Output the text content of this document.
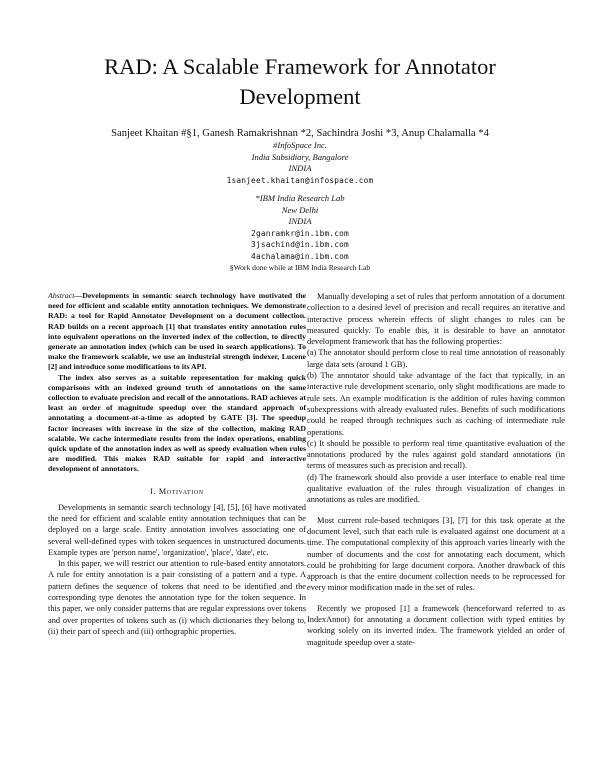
RAD: A Scalable Framework for Annotator Development
Sanjeet Khaitan #§1, Ganesh Ramakrishnan *2, Sachindra Joshi *3, Anup Chalamalla *4
#InfoSpace Inc.
India Subsidiary, Bangalore
INDIA
1sanjeet.khaitan@infospace.com
*IBM India Research Lab
New Delhi
INDIA
2ganramkr@in.ibm.com
3jsachind@in.ibm.com
4achalama@in.ibm.com
§Work done while at IBM India Research Lab

Abstract—Developments in semantic search technology have motivated the need for efficient and scalable entity annotation techniques. We demonstrate RAD: a tool for Rapid Annotator Development on a document collection. RAD builds on a recent approach [1] that translates entity annotation rules into equivalent operations on the inverted index of the collection, to directly generate an annotation index (which can be used in search applications). To make the framework scalable, we use an industrial strength indexer, Lucene [2] and introduce some modifications to its API.

The index also serves as a suitable representation for making quick comparisons with an indexed ground truth of annotations on the same collection to evaluate precision and recall of the annotations. RAD achieves at least an order of magnitude speedup over the standard approach of annotating a document-at-a-time as adopted by GATE [3]. The speedup factor increases with increase in the size of the collection, making RAD scalable. We cache intermediate results from the index operations, enabling quick update of the annotation index as well as speedy evaluation when rules are modified. This makes RAD suitable for rapid and interactive development of annotators.

I. Motivation

Developments in semantic search technology [4], [5], [6] have motivated the need for efficient and scalable entity annotation techniques that can be deployed on a large scale. Entity annotation involves associating one of several well-defined types with token sequences in unstructured documents. Example types are 'person name', 'organization', 'place', 'date', etc.

In this paper, we will restrict our attention to rule-based entity annotators. A rule for entity annotation is a pair consisting of a pattern and a type. A pattern defines the sequence of tokens that need to be identified and the corresponding type denotes the annotation type for the token sequence. In this paper, we only consider patterns that are regular expressions over tokens and over properties of tokens such as (i) which dictionaries they belong to, (ii) their part of speech and (iii) orthographic properties.

Manually developing a set of rules that perform annotation of a document collection to a desired level of precision and recall requires an iterative and interactive process wherein effects of slight changes to rules can be measured quickly. To enable this, it is desirable to have an annotator development framework that has the following properties:

(a) The annotator should perform close to real time annotation of reasonably large data sets (around 1 GB).

(b) The annotator should take advantage of the fact that typically, in an interactive rule development scenario, only slight modifications are made to rule sets. An example modification is the addition of rules having common subexpressions with already evaluated rules. Benefits of such modifications could be reaped through techniques such as caching of intermediate rule operations.

(c) It should be possible to perform real time quantitative evaluation of the annotations produced by the rules against gold standard annotations (in terms of measures such as precision and recall).

(d) The framework should also provide a user interface to enable real time qualitative evaluation of the rules through visualization of changes in annotations as rules are modified.

Most current rule-based techniques [3], [7] for this task operate at the document level, such that each rule is evaluated against one document at a time. The computational complexity of this approach varies linearly with the number of documents and the cost for annotating each document, which could be prohibiting for large document corpora. Another drawback of this approach is that the entire document collection needs to be reprocessed for every minor modification made in the set of rules.

Recently we proposed [1] a framework (henceforward referred to as IndexAnnot) for annotating a document collection with typed entities by working solely on its inverted index. The framework yielded an order of magnitude speedup over a state-
